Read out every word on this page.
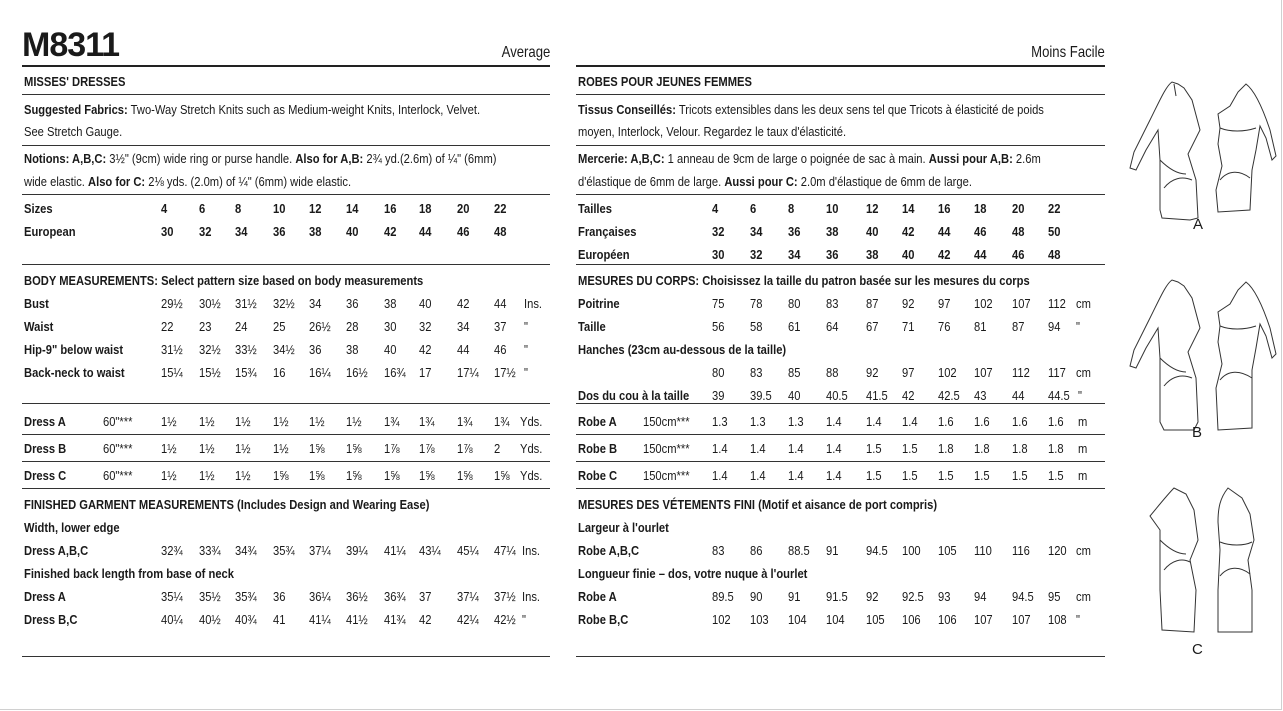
M8311	Average
MISSES' DRESSES
Suggested Fabrics: Two-Way Stretch Knits such as Medium-weight Knits, Interlock, Velvet.
See Stretch Gauge.
Notions: A,B,C: 3½" (9cm) wide ring or purse handle. Also for A,B: 2¾ yd.(2.6m) of ¼" (6mm)
wide elastic. Also for C: 2⅛ yds. (2.0m) of ¼" (6mm) wide elastic.
Sizes	4 6 8 10 12 14 16 18 20 22
European	30 32 34 36 38 40 42 44 46 48
BODY MEASUREMENTS: Select pattern size based on body measurements
Bust	29½ 30½ 31½ 32½ 34 36 38 40 42 44 Ins.
Waist	22 23 24 25 26½ 28 30 32 34 37 "
Hip-9" below waist	31½ 32½ 33½ 34½ 36 38 40 42 44 46 "
Back-neck to waist	15¼ 15½ 15¾ 16 16¼ 16½ 16¾ 17 17¼ 17½ "
Dress A	60"*** 1½ 1½ 1½ 1½ 1½ 1½ 1¾ 1¾ 1¾ 1¾ Yds.
Dress B	60"*** 1½ 1½ 1½ 1½ 1⅝ 1⅝ 1⅞ 1⅞ 1⅞ 2 Yds.
Dress C	60"*** 1½ 1½ 1½ 1⅝ 1⅝ 1⅝ 1⅝ 1⅝ 1⅝ 1⅝ Yds.
FINISHED GARMENT MEASUREMENTS (Includes Design and Wearing Ease)
Width, lower edge
Dress A,B,C	32¾ 33¾ 34¾ 35¾ 37¼ 39¼ 41¼ 43¼ 45¼ 47¼ Ins.
Finished back length from base of neck
Dress A	35¼ 35½ 35¾ 36 36¼ 36½ 36¾ 37 37¼ 37½ Ins.
Dress B,C	40¼ 40½ 40¾ 41 41¼ 41½ 41¾ 42 42¼ 42½ "
Moins Facile
ROBES POUR JEUNES FEMMES
Tissus Conseillés: Tricots extensibles dans les deux sens tel que Tricots à élasticité de poids
moyen, Interlock, Velour. Regardez le taux d'élasticité.
Mercerie: A,B,C: 1 anneau de 9cm de large o poignée de sac à main. Aussi pour A,B: 2.6m
d'élastique de 6mm de large. Aussi pour C: 2.0m d'élastique de 6mm de large.
Tailles	4 6 8 10 12 14 16 18 20 22
Françaises	32 34 36 38 40 42 44 46 48 50
Européen	30 32 34 36 38 40 42 44 46 48
MESURES DU CORPS: Choisissez la taille du patron basée sur les mesures du corps
Poitrine	75 78 80 83 87 92 97 102 107 112 cm
Taille	56 58 61 64 67 71 76 81 87 94 "
Hanches (23cm au-dessous de la taille)
80 83 85 88 92 97 102 107 112 117 cm
Dos du cou à la taille 39 39.5 40 40.5 41.5 42 42.5 43 44 44.5 "
Robe A 150cm*** 1.3 1.3 1.3 1.4 1.4 1.4 1.6 1.6 1.6 1.6 m
Robe B 150cm*** 1.4 1.4 1.4 1.4 1.5 1.5 1.8 1.8 1.8 1.8 m
Robe C 150cm*** 1.4 1.4 1.4 1.4 1.5 1.5 1.5 1.5 1.5 1.5 m
MESURES DES VÉTEMENTS FINI (Motif et aisance de port compris)
Largeur à l'ourlet
Robe A,B,C	83 86 88.5 91 94.5 100 105 110 116 120 cm
Longueur finie – dos, votre nuque à l'ourlet
Robe A	89.5 90 91 91.5 92 92.5 93 94 94.5 95 cm
Robe B,C	102 103 104 104 105 106 106 107 107 108 "
A
B
C
